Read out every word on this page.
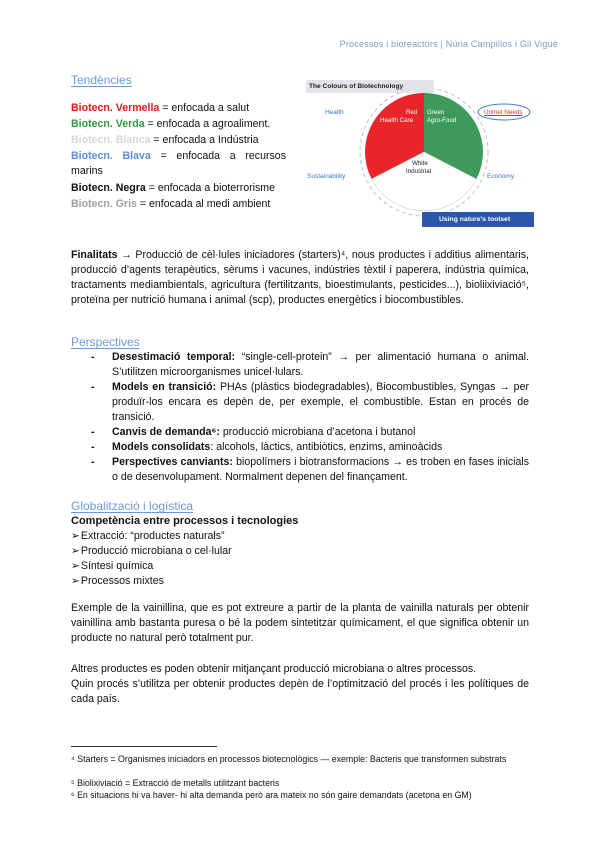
Processos i bioreactors | Núria Campillos i Gil Viguè
Tendències
Biotecn. Vermella = enfocada a salut
Biotecn. Verda = enfocada a agroaliment.
Biotecn. Blanca = enfocada a Indústria
Biotecn. Blava = enfocada a recursos marins
Biotecn. Negra = enfocada a bioterrorisme
Biotecn. Gris = enfocada al medi ambient
The Colours of Biotechnology
Health	Red
Health Care
Green
Agro-Food
Unmet Needs
White
Industrial
Sustainability	Economy
Using nature's toolset
Finalitats → Producció de cèl·lules iniciadores (starters)⁴, nous productes i additius alimentaris, producció d’agents terapèutics, sèrums i vacunes, indústries tèxtil i paperera, indústria química, tractaments mediambientals, agricultura (fertilitzants, bioestimulants, pesticides...), bioliixiviació⁵, proteïna per nutrició humana i animal (scp), productes energètics i biocombustibles.
Perspectives
- Desestimació temporal: “single-cell-protein” → per alimentació humana o animal. S’utilitzen microorganismes unicel·lulars.
- Models en transició: PHAs (plàstics biodegradables), Biocombustibles, Syngas → per produïr-los encara es depèn de, per exemple, el combustible. Estan en procés de transició.
- Canvis de demanda⁶: producció microbiana d’acetona i butanol
- Models consolidats: alcohols, làctics, antibiòtics, enzims, aminoàcids
- Perspectives canviants: biopolímers i biotransformacions → es troben en fases inicials o de desenvolupament. Normalment depenen del finançament.
Globalització i logística
Competència entre processos i tecnologies
➢ Extracció: “productes naturals”
➢ Producció microbiana o cel·lular
➢ Síntesi química
➢ Processos mixtes
Exemple de la vainillina, que es pot extreure a partir de la planta de vainilla naturals per obtenir vainillina amb bastanta puresa o bé la podem sintetitzar químicament, el que significa obtenir un producte no natural però totalment pur.
Altres productes es poden obtenir mitjançant producció microbiana o altres processos.
Quin procés s’utilitza per obtenir productes depèn de l’optimització del procés i les polítiques de cada país.
⁴ Starters = Organismes iniciadors en processos biotecnològics — exemple: Bacteris que transformen substrats
⁵ Biolixiviació = Extracció de metalls utilitzant bacteris
⁶ En situacions hi va haver- hi alta demanda però ara mateix no són gaire demandats (acetona en GM)
